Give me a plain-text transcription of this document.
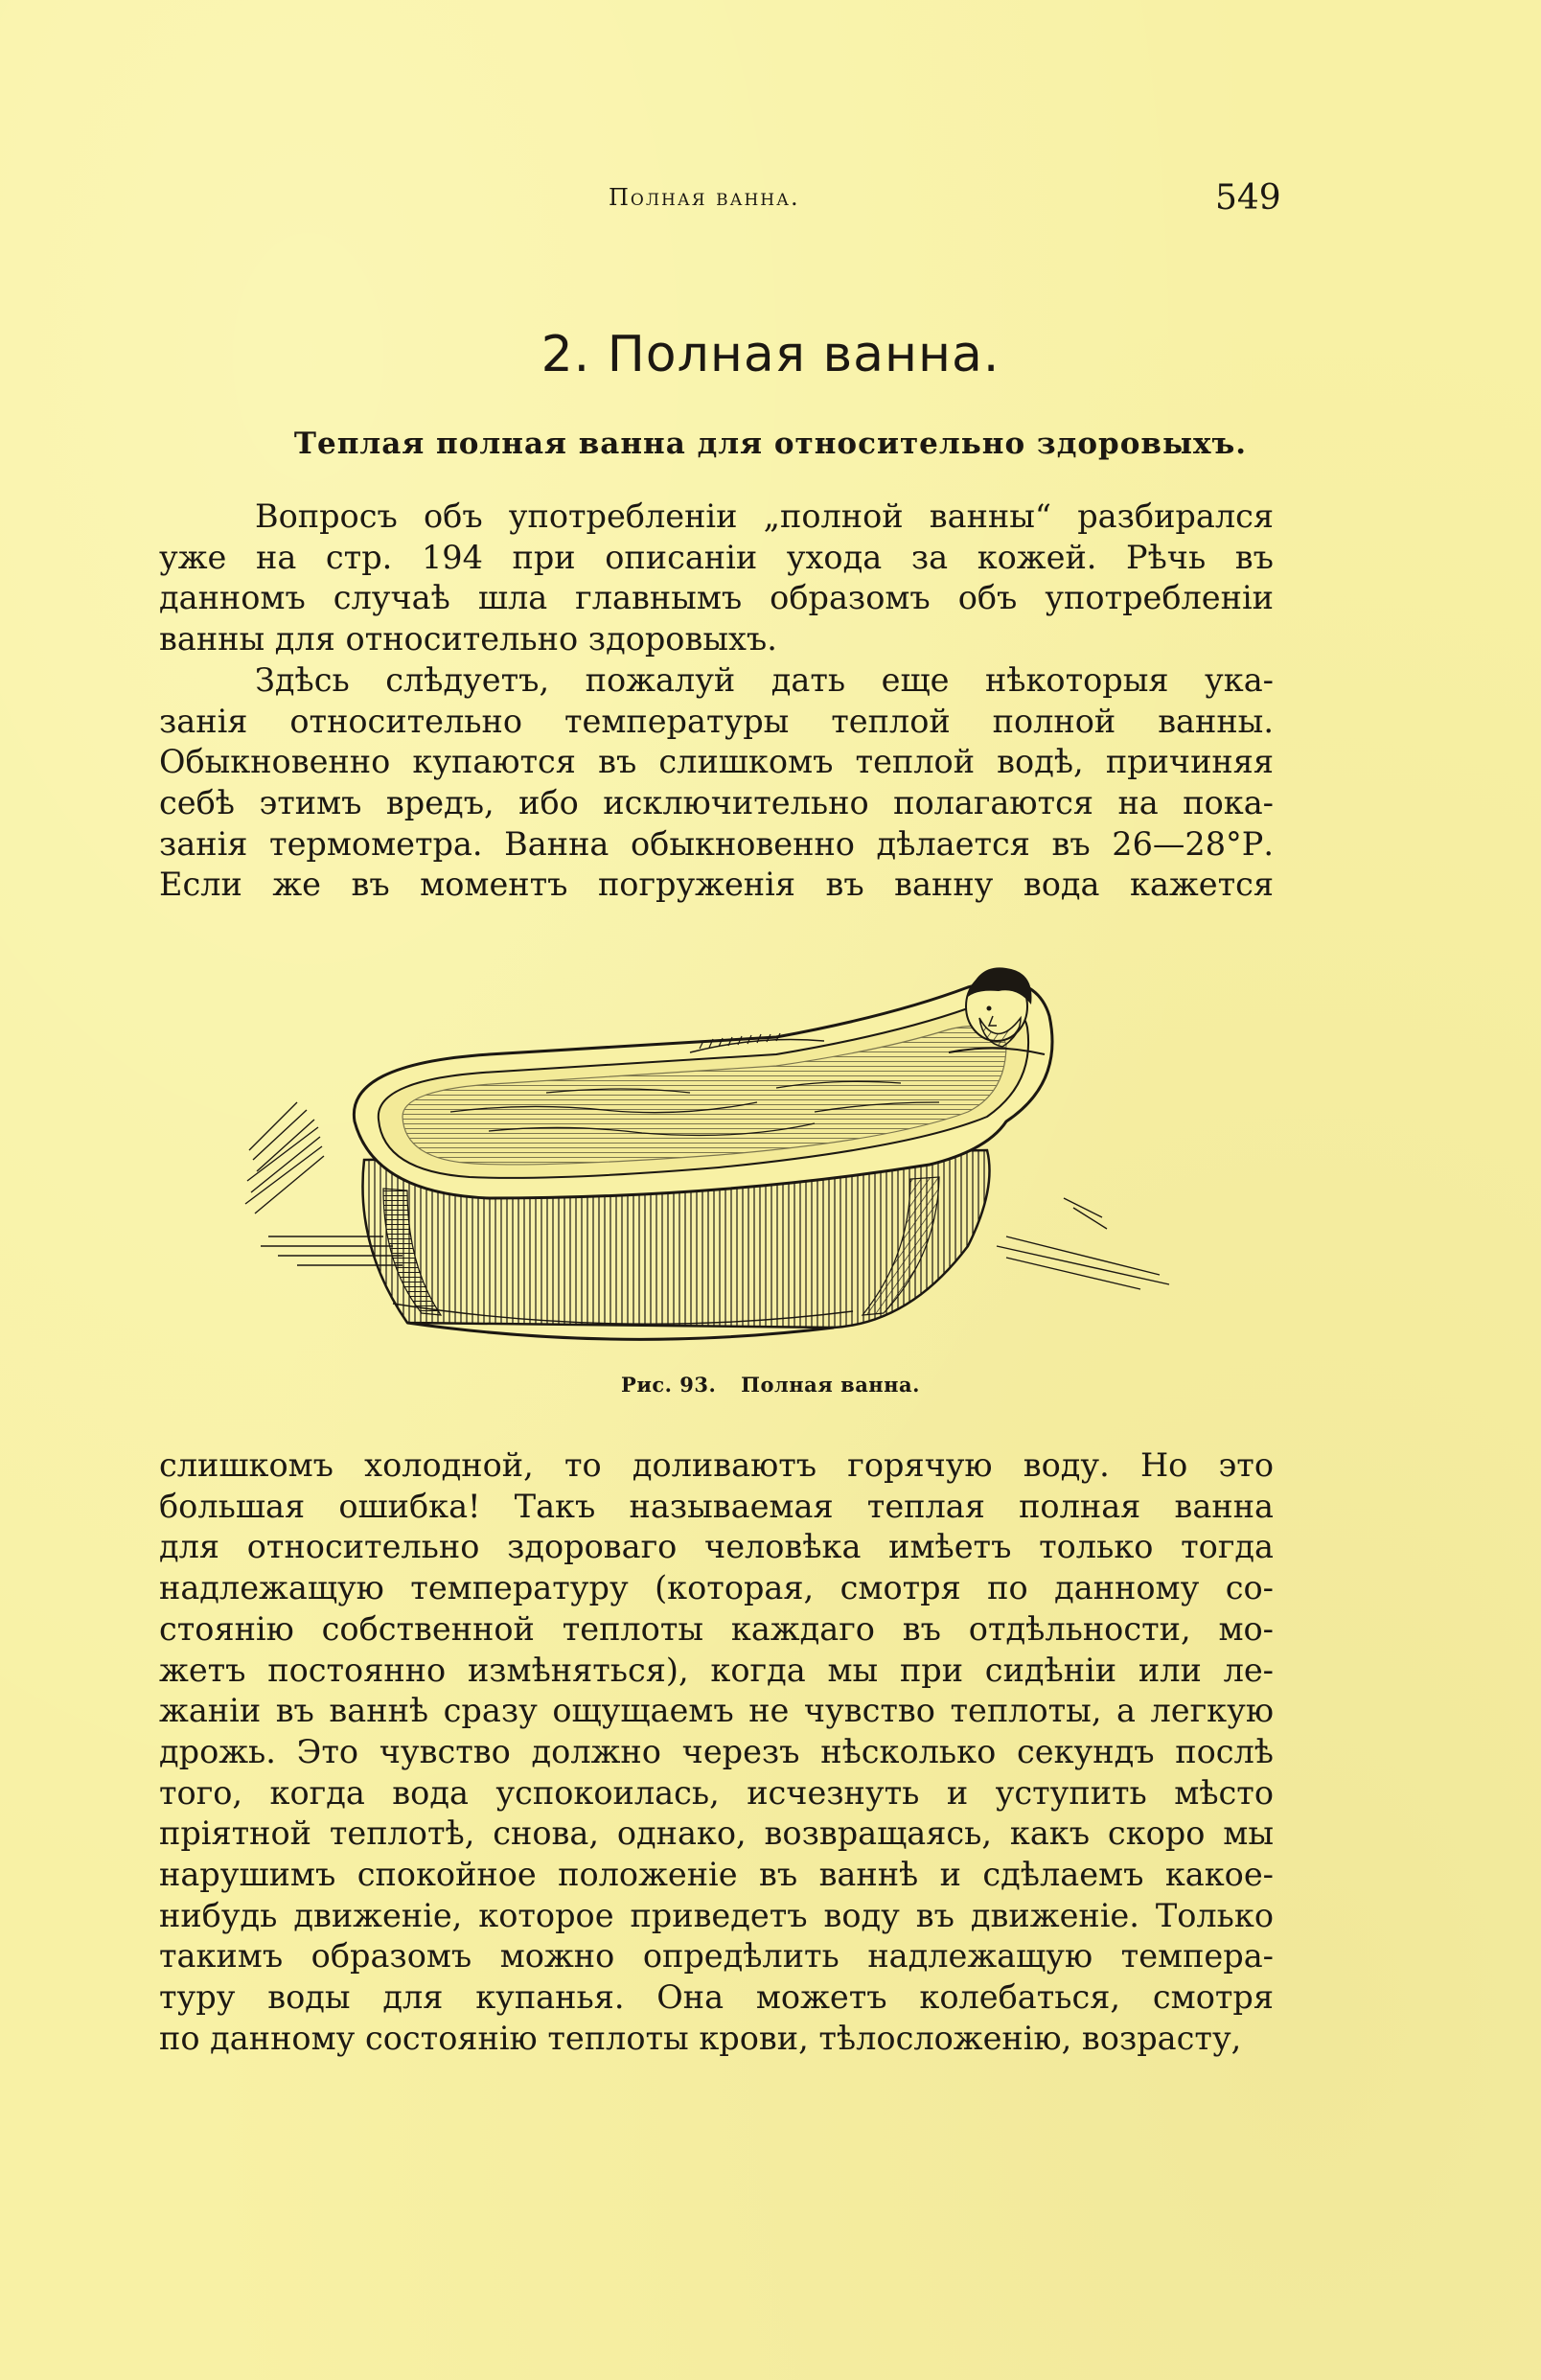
Полная ванна.	549
2. Полная ванна.
Теплая полная ванна для относительно здоровыхъ.
Вопросъ объ употребленіи „полной ванны“ разбирался
уже на стр. 194 при описаніи ухода за кожей. Рѣчь въ
данномъ случаѣ шла главнымъ образомъ объ употребленіи
ванны для относительно здоровыхъ.
Здѣсь слѣдуетъ, пожалуй дать еще нѣкоторыя ука-
занія относительно температуры теплой полной ванны.
Обыкновенно купаются въ слишкомъ теплой водѣ, причиняя
себѣ этимъ вредъ, ибо исключительно полагаются на пока-
занія термометра. Ванна обыкновенно дѣлается въ 26—28°Р.
Если же въ моментъ погруженія въ ванну вода кажется
Рис. 93. Полная ванна.
слишкомъ холодной, то доливаютъ горячую воду. Но это
большая ошибка! Такъ называемая теплая полная ванна
для относительно здороваго человѣка имѣетъ только тогда
надлежащую температуру (которая, смотря по данному со-
стоянію собственной теплоты каждаго въ отдѣльности, мо-
жетъ постоянно измѣняться), когда мы при сидѣніи или ле-
жаніи въ ваннѣ сразу ощущаемъ не чувство теплоты, а легкую
дрожь. Это чувство должно черезъ нѣсколько секундъ послѣ
того, когда вода успокоилась, исчезнуть и уступить мѣсто
пріятной теплотѣ, снова, однако, возвращаясь, какъ скоро мы
нарушимъ спокойное положеніе въ ваннѣ и сдѣлаемъ какое-
нибудь движеніе, которое приведетъ воду въ движеніе. Только
такимъ образомъ можно опредѣлить надлежащую темпера-
туру воды для купанья. Она можетъ колебаться, смотря
по данному состоянію теплоты крови, тѣлосложенію, возрасту,
